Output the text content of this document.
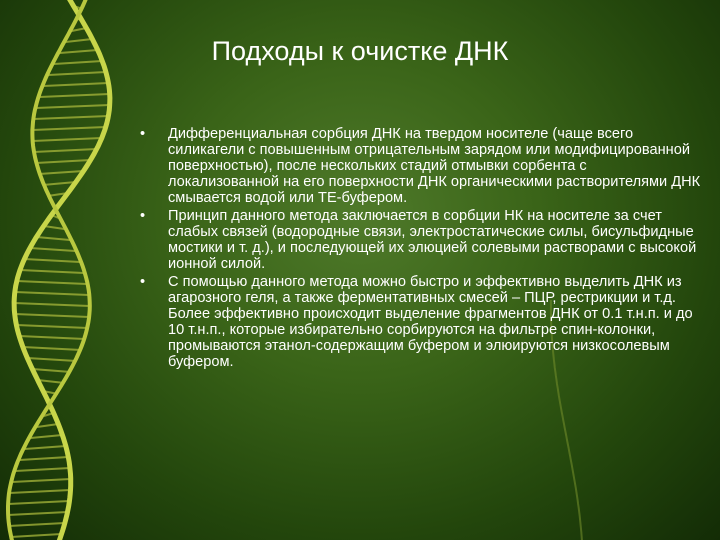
Подходы к очистке ДНК
• Дифференциальная сорбция ДНК на твердом носителе (чаще всего силикагели с повышенным отрицательным зарядом или модифицированной поверхностью), после нескольких стадий отмывки сорбента с локализованной на его поверхности ДНК органическими растворителями ДНК смывается водой или ТЕ-буфером.
• Принцип данного метода заключается в сорбции НК на носителе за счет слабых связей (водородные связи, электростатические силы, бисульфидные мостики и т. д.), и последующей их элюцией солевыми растворами с высокой ионной силой.
• С помощью данного метода можно быстро и эффективно выделить ДНК из агарозного геля, а также ферментативных смесей – ПЦР, рестрикции и т.д. Более эффективно происходит выделение фрагментов ДНК от 0.1 т.н.п. и до 10 т.н.п., которые избирательно сорбируются на фильтре спин-колонки, промываются этанол-содержащим буфером и элюируются низкосолевым буфером.
